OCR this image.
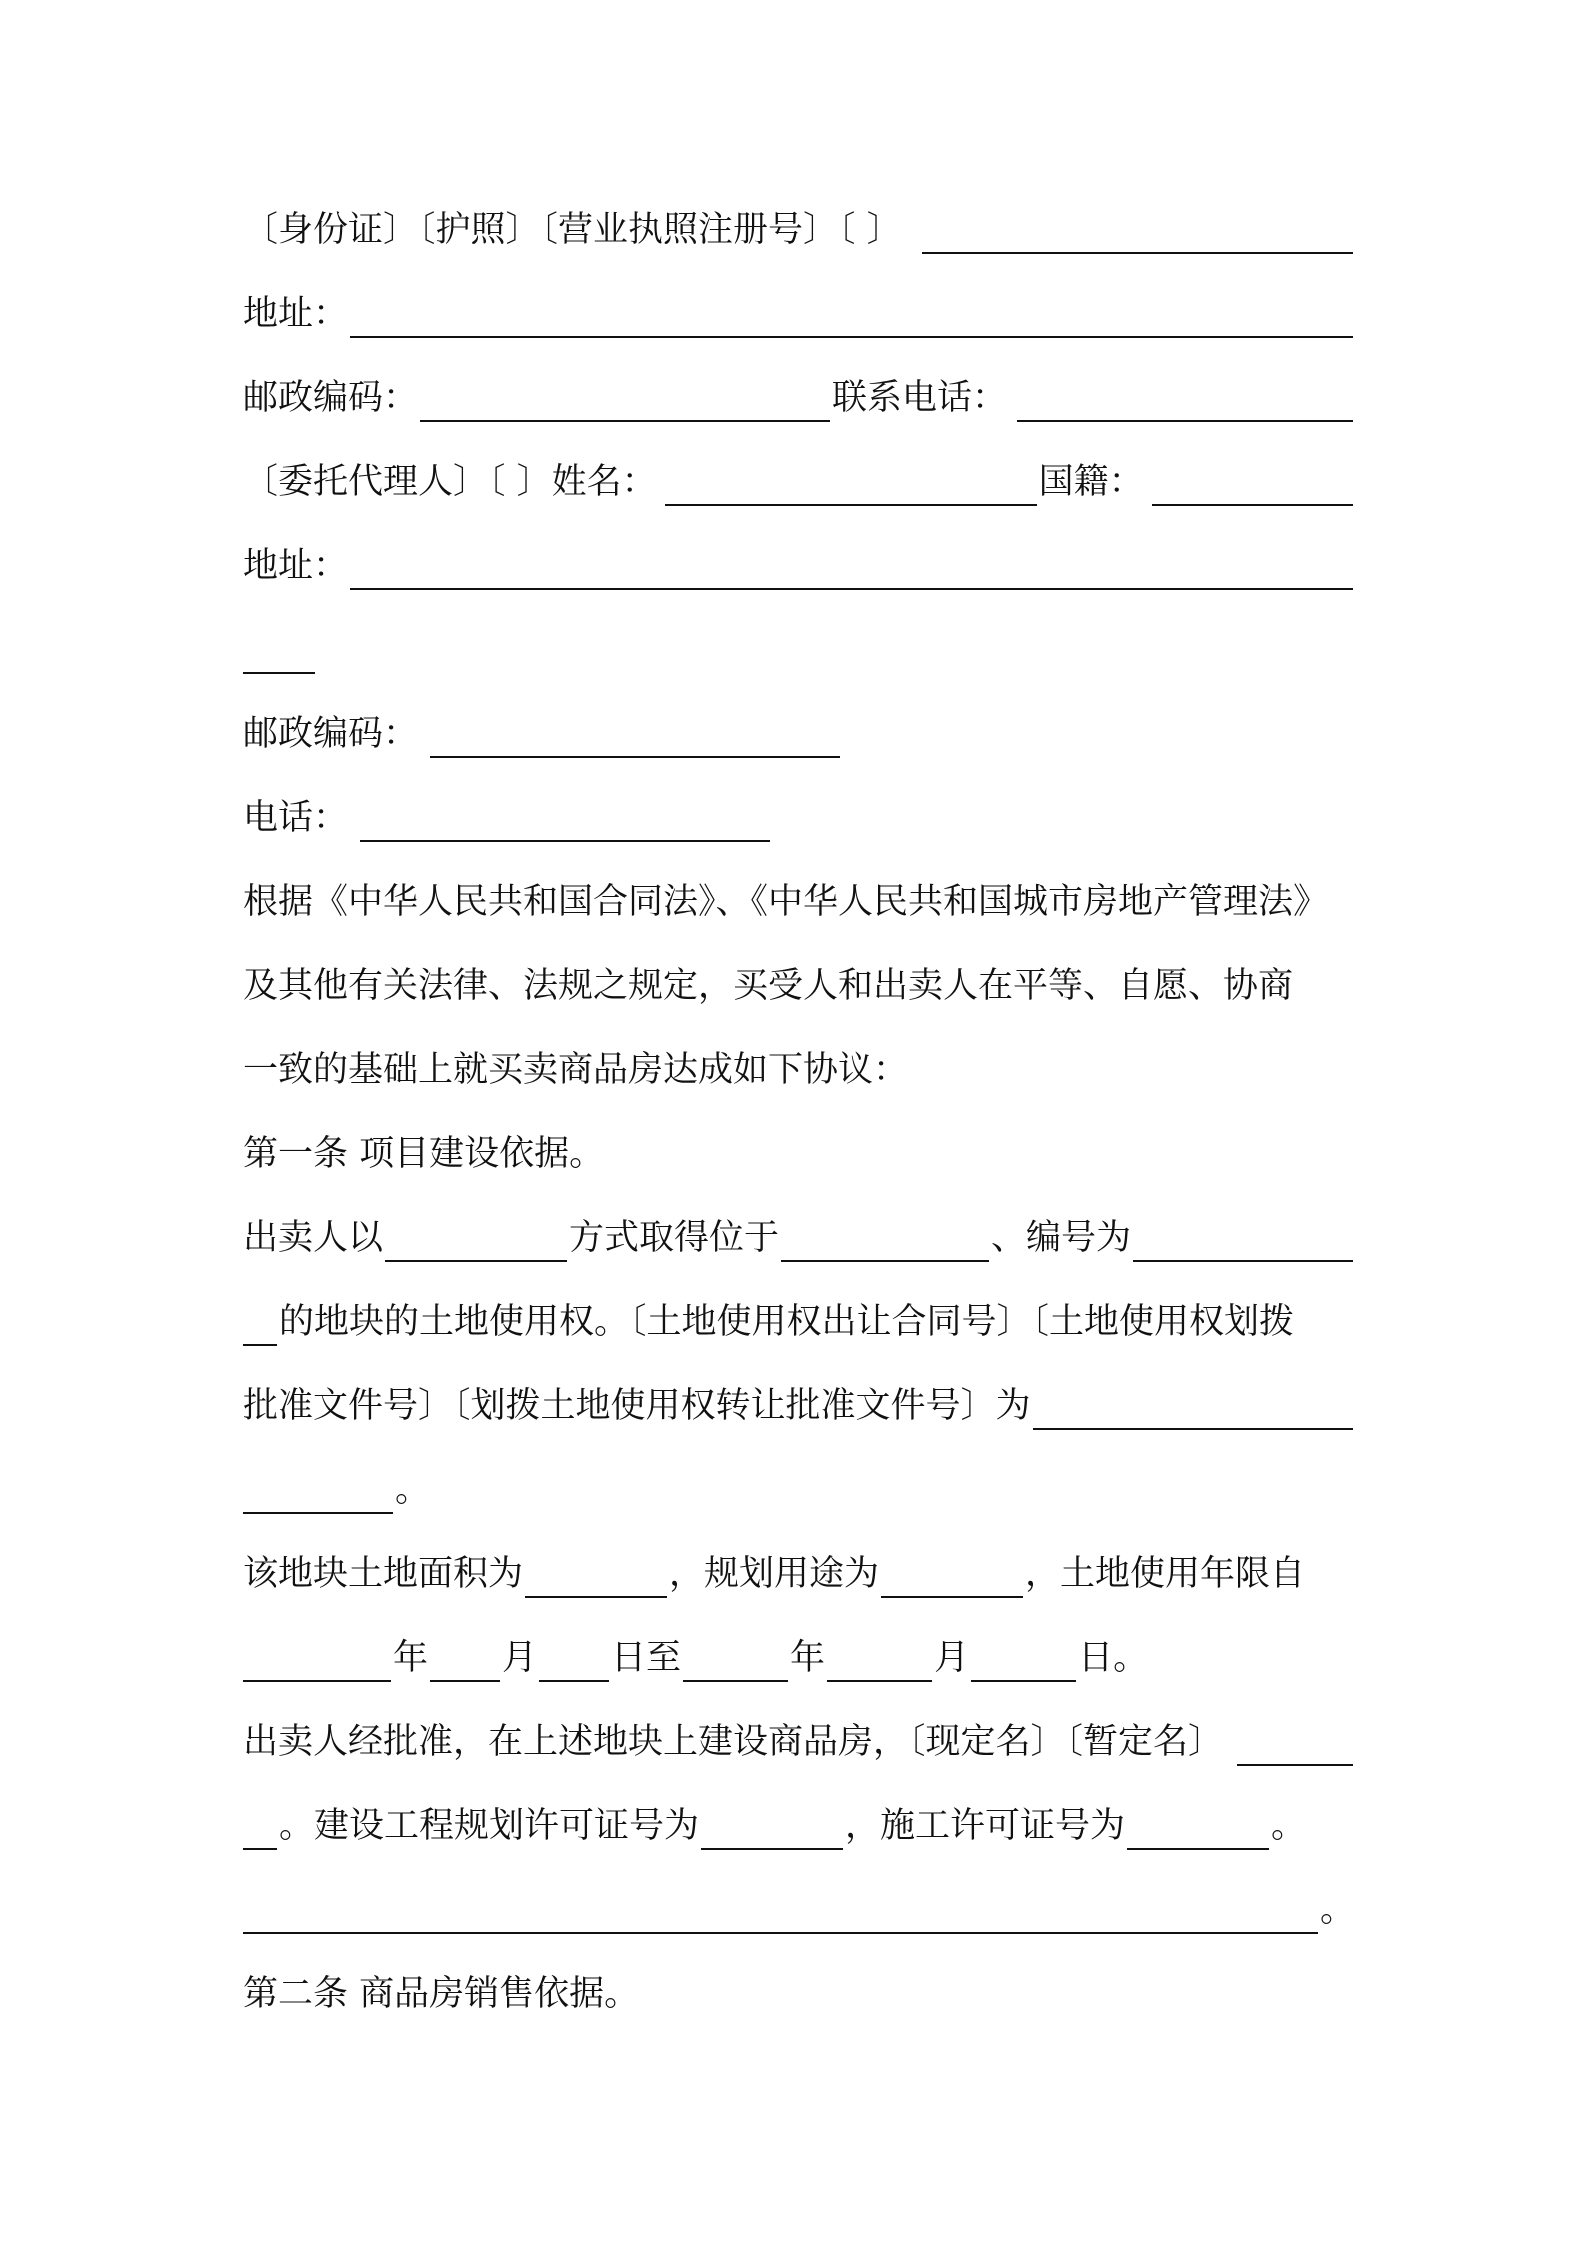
〔身份证〕〔护照〕〔营业执照注册号〕〔 〕
地址：
邮政编码：	联系电话：
〔委托代理人〕〔 〕姓名：	国籍：
地址：
邮政编码：
电话：
根据《中华人民共和国合同法》、《中华人民共和国城市房地产管理法》
及其他有关法律、法规之规定，买受人和出卖人在平等、自愿、协商
一致的基础上就买卖商品房达成如下协议：
第一条 项目建设依据。
出卖人以	方式取得位于	、编号为
的地块的土地使用权。〔土地使用权出让合同号〕〔土地使用权划拨
批准文件号〕〔划拨土地使用权转让批准文件号〕为
。
该地块土地面积为	，规划用途为	，土地使用年限自
年 月 日至	年	月	日。
出卖人经批准，在上述地块上建设商品房，〔现定名〕〔暂定名〕
。建设工程规划许可证号为	，施工许可证号为	。
。
第二条 商品房销售依据。
